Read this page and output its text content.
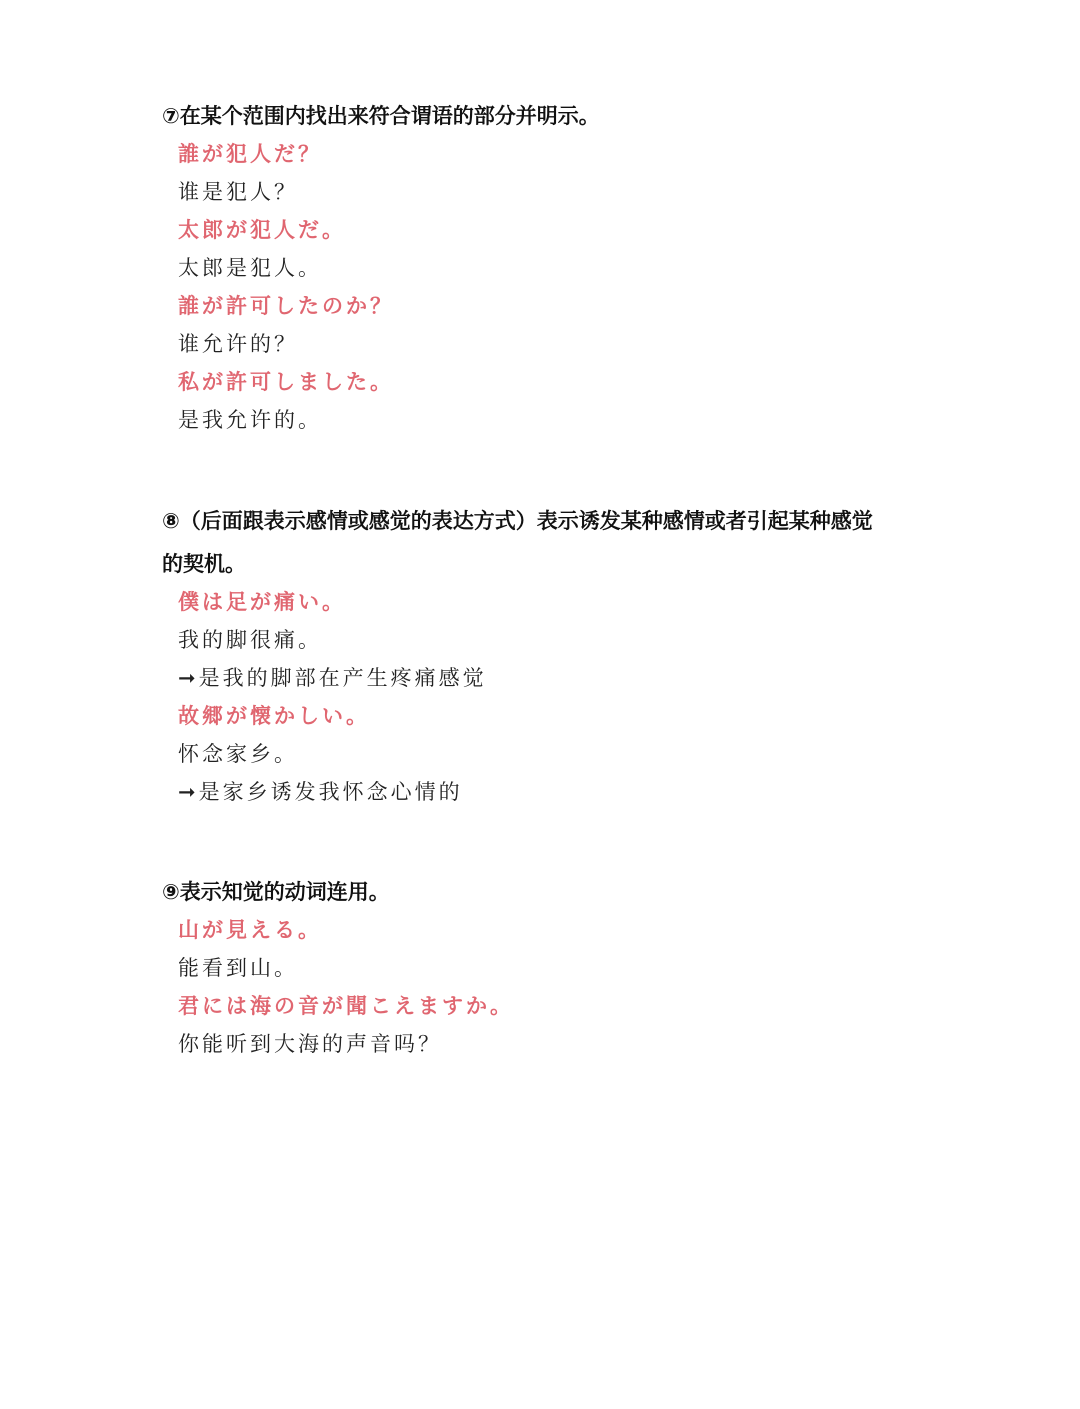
⑦在某个范围内找出来符合谓语的部分并明示。
誰が犯人だ？
谁是犯人？
太郎が犯人だ。
太郎是犯人。
誰が許可したのか？
谁允许的？
私が許可しました。
是我允许的。
⑧（后面跟表示感情或感觉的表达方式）表示诱发某种感情或者引起某种感觉
的契机。
僕は足が痛い。
我的脚很痛。
➞是我的脚部在产生疼痛感觉
故郷が懐かしい。
怀念家乡。
➞是家乡诱发我怀念心情的
⑨表示知觉的动词连用。
山が見える。
能看到山。
君には海の音が聞こえますか。
你能听到大海的声音吗？
